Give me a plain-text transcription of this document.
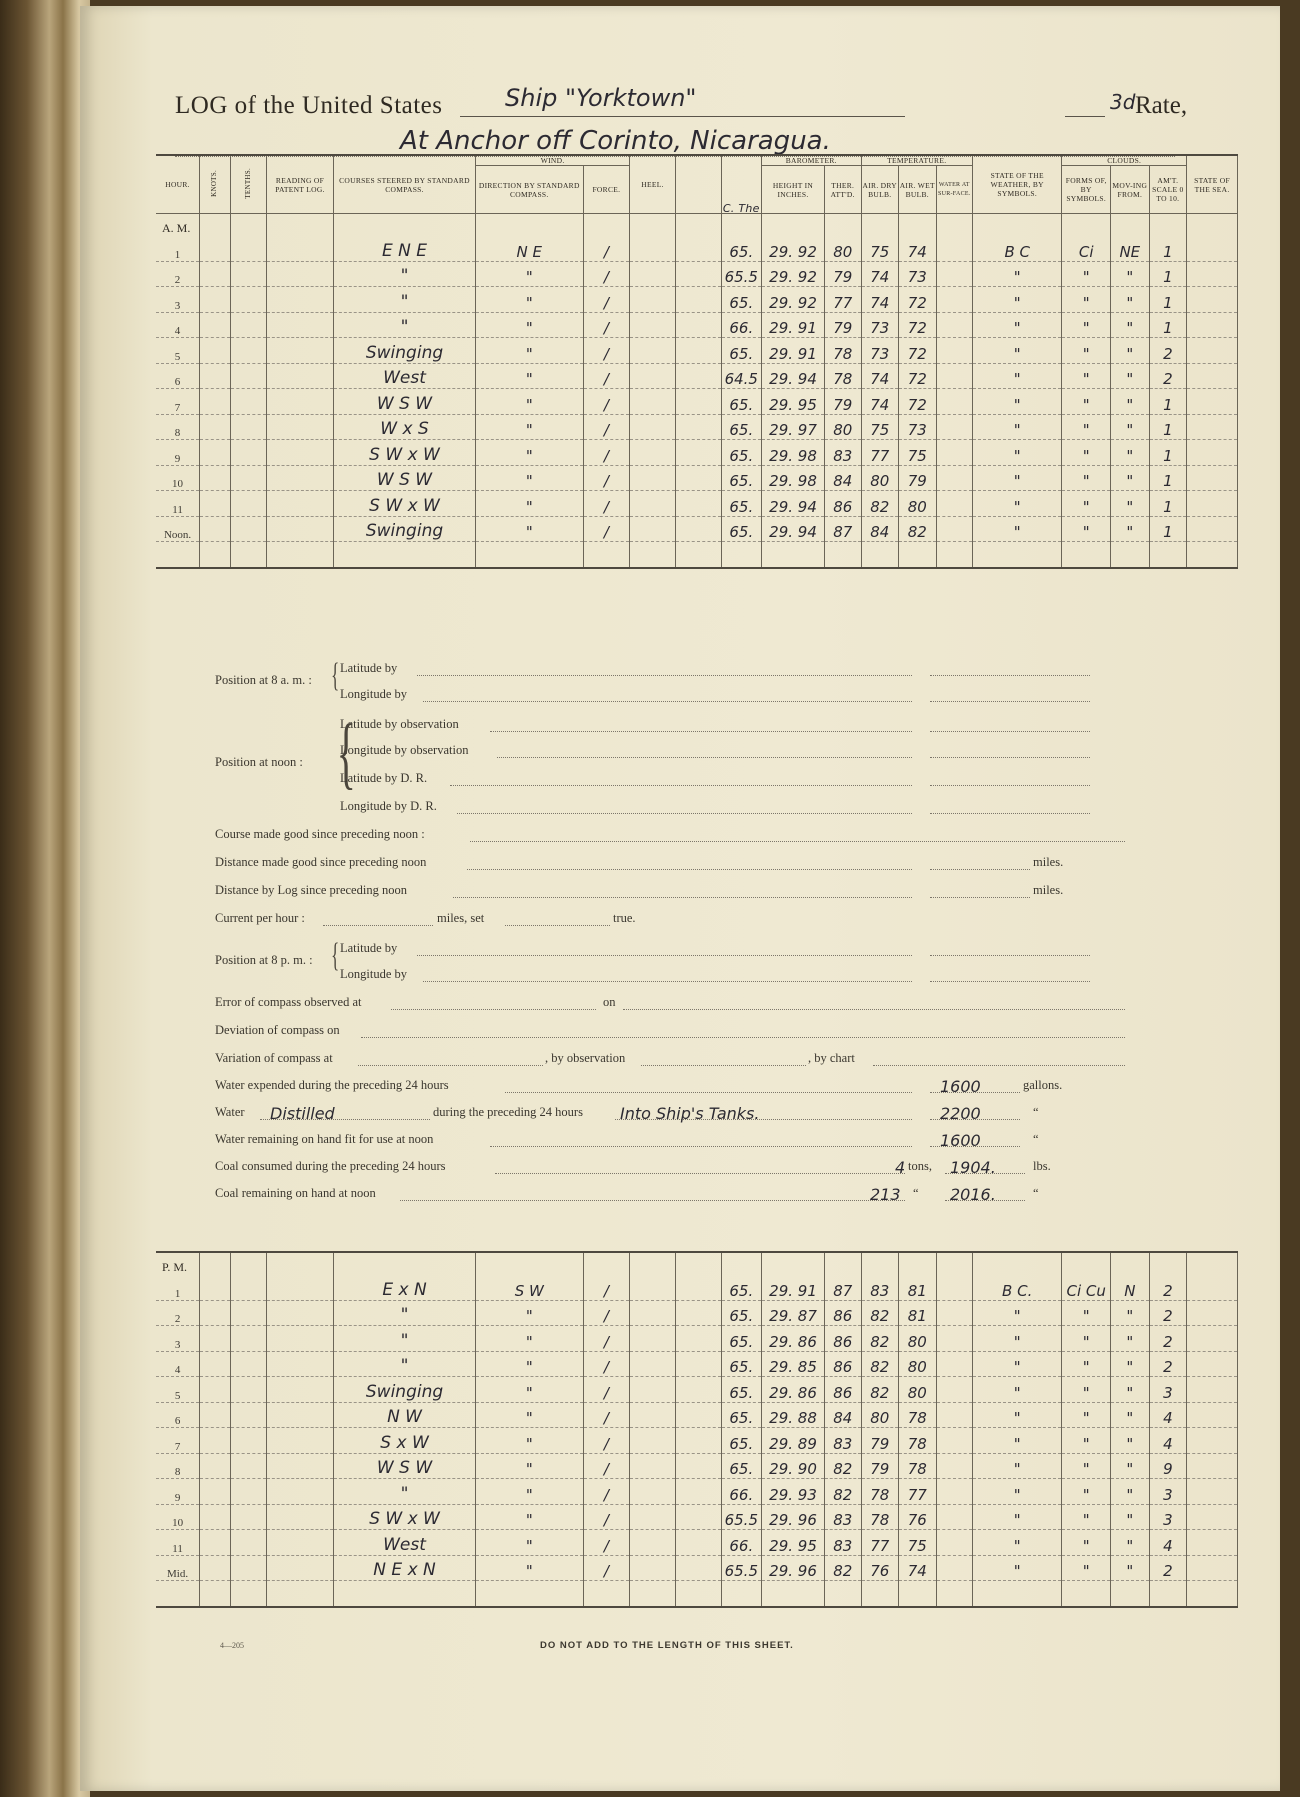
LOG of the United States	Ship "Yorktown"	3d Rate,
At Anchor off Corinto, Nicaragua.
HOUR.	KNOTS.	TENTHS.	READING OF PATENT LOG.	COURSES STEERED BY STANDARD COMPASS.	WIND.		HEEL.		C. The	BAROMETER.		TEMPERATURE.			STATE OF THE WEATHER, BY SYMBOLS.	CLOUDS.			STATE OF THE SEA.
					DIRECTION BY STANDARD COMPASS.	FORCE.				HEIGHT IN INCHES.	THER. ATT'D.	AIR. DRY BULB.	AIR. WET BULB.	WATER AT SUR-FACE.		FORMS OF, BY SYMBOLS.	MOV-ING FROM.	AM'T. SCALE 0 TO 10.	
A. M.																			
1				E N E	N E	/			65.	29. 92	80	75	74		B C	Ci	NE	1	
2				"	"	/			65.5	29. 92	79	74	73		"	"	"	1	
3				"	"	/			65.	29. 92	77	74	72		"	"	"	1	
4				"	"	/			66.	29. 91	79	73	72		"	"	"	1	
5				Swinging	"	/			65.	29. 91	78	73	72		"	"	"	2	
6				West	"	/			64.5	29. 94	78	74	72		"	"	"	2	
7				W S W	"	/			65.	29. 95	79	74	72		"	"	"	1	
8				W x S	"	/			65.	29. 97	80	75	73		"	"	"	1	
9				S W x W	"	/			65.	29. 98	83	77	75		"	"	"	1	
10				W S W	"	/			65.	29. 98	84	80	79		"	"	"	1	
11				S W x W	"	/			65.	29. 94	86	82	80		"	"	"	1	
Noon.				Swinging	"	/			65.	29. 94	87	84	82		"	"	"	1	

Position at 8 a. m. : { Latitude by
Longitude by
Latitude by observation
Position at noon : {
Longitude by observation
Latitude by D. R.
Longitude by D. R.
Course made good since preceding noon :
Distance made good since preceding noon	miles.
Distance by Log since preceding noon	miles.
Current per hour :	miles, set	true.
{ Latitude by
Position at 8 p. m. :
Longitude by
Error of compass observed at	on
Deviation of compass on
Variation of compass at	, by observation	, by chart
Water expended during the preceding 24 hours	1600	gallons.
Water Distilled	during the preceding 24 hours Into Ship's Tanks.	2200	“
Water remaining on hand fit for use at noon	1600	“
Coal consumed during the preceding 24 hours	4 tons, 1904.	lbs.
Coal remaining on hand at noon	213 “ 2016.	“
P. M.																			
1				E x N	S W	/			65.	29. 91	87	83	81		B C.	Ci Cu	N	2	
2				"	"	/			65.	29. 87	86	82	81		"	"	"	2	
3				"	"	/			65.	29. 86	86	82	80		"	"	"	2	
4				"	"	/			65.	29. 85	86	82	80		"	"	"	2	
5				Swinging	"	/			65.	29. 86	86	82	80		"	"	"	3	
6				N W	"	/			65.	29. 88	84	80	78		"	"	"	4	
7				S x W	"	/			65.	29. 89	83	79	78		"	"	"	4	
8				W S W	"	/			65.	29. 90	82	79	78		"	"	"	9	
9				"	"	/			66.	29. 93	82	78	77		"	"	"	3	
10				S W x W	"	/			65.5	29. 96	83	78	76		"	"	"	3	
11				West	"	/			66.	29. 95	83	77	75		"	"	"	4	
Mid.				N E x N	"	/			65.5	29. 96	82	76	74		"	"	"	2	

4—205	DO NOT ADD TO THE LENGTH OF THIS SHEET.
